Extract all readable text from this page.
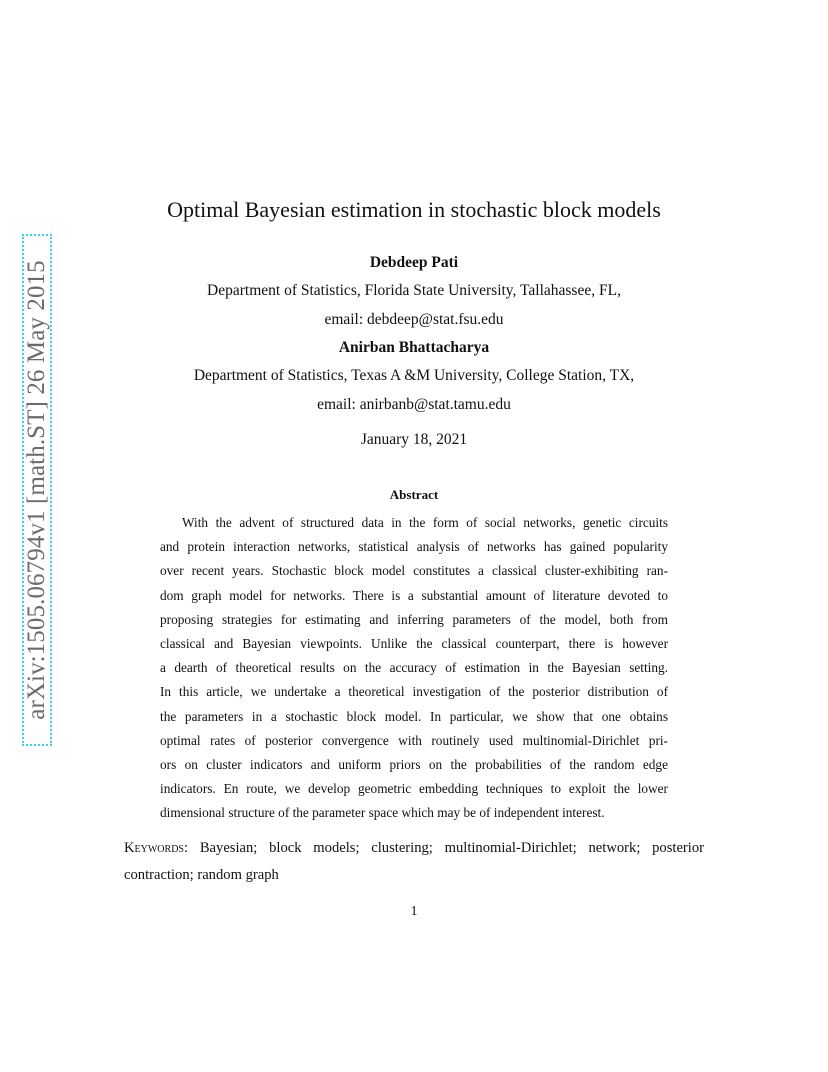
arXiv:1505.06794v1 [math.ST] 26 May 2015
Optimal Bayesian estimation in stochastic block models
Debdeep Pati
Department of Statistics, Florida State University, Tallahassee, FL,
email: debdeep@stat.fsu.edu
Anirban Bhattacharya
Department of Statistics, Texas A &M University, College Station, TX,
email: anirbanb@stat.tamu.edu
January 18, 2021
Abstract
With the advent of structured data in the form of social networks, genetic circuits
and protein interaction networks, statistical analysis of networks has gained popularity
over recent years. Stochastic block model constitutes a classical cluster-exhibiting ran-
dom graph model for networks. There is a substantial amount of literature devoted to
proposing strategies for estimating and inferring parameters of the model, both from
classical and Bayesian viewpoints. Unlike the classical counterpart, there is however
a dearth of theoretical results on the accuracy of estimation in the Bayesian setting.
In this article, we undertake a theoretical investigation of the posterior distribution of
the parameters in a stochastic block model. In particular, we show that one obtains
optimal rates of posterior convergence with routinely used multinomial-Dirichlet pri-
ors on cluster indicators and uniform priors on the probabilities of the random edge
indicators. En route, we develop geometric embedding techniques to exploit the lower
dimensional structure of the parameter space which may be of independent interest.
Keywords: Bayesian; block models; clustering; multinomial-Dirichlet; network; posterior
contraction; random graph
1
